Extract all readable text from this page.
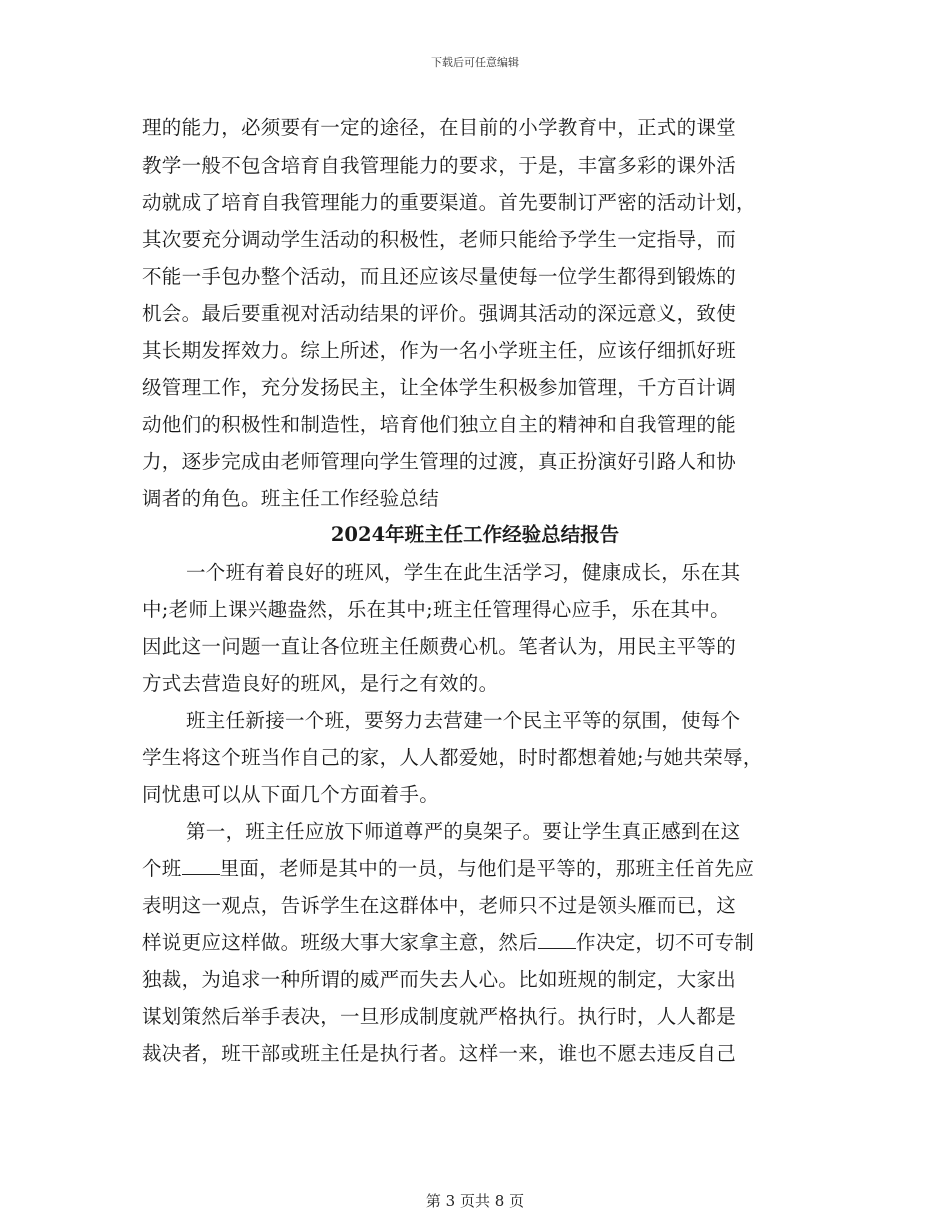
下载后可任意编辑
理的能力，必须要有一定的途径，在目前的小学教育中，正式的课堂
教学一般不包含培育自我管理能力的要求，于是，丰富多彩的课外活
动就成了培育自我管理能力的重要渠道。首先要制订严密的活动计划，
其次要充分调动学生活动的积极性，老师只能给予学生一定指导，而
不能一手包办整个活动，而且还应该尽量使每一位学生都得到锻炼的
机会。最后要重视对活动结果的评价。强调其活动的深远意义，致使
其长期发挥效力。综上所述，作为一名小学班主任，应该仔细抓好班
级管理工作，充分发扬民主，让全体学生积极参加管理，千方百计调
动他们的积极性和制造性，培育他们独立自主的精神和自我管理的能
力，逐步完成由老师管理向学生管理的过渡，真正扮演好引路人和协
调者的角色。班主任工作经验总结
2024年班主任工作经验总结报告
一个班有着良好的班风，学生在此生活学习，健康成长，乐在其
中;老师上课兴趣盎然，乐在其中;班主任管理得心应手，乐在其中。
因此这一问题一直让各位班主任颇费心机。笔者认为，用民主平等的
方式去营造良好的班风，是行之有效的。
班主任新接一个班，要努力去营建一个民主平等的氛围，使每个
学生将这个班当作自己的家，人人都爱她，时时都想着她;与她共荣辱，
同忧患可以从下面几个方面着手。
第一，班主任应放下师道尊严的臭架子。要让学生真正感到在这
个班 里面，老师是其中的一员，与他们是平等的，那班主任首先应
表明这一观点，告诉学生在这群体中，老师只不过是领头雁而已，这
样说更应这样做。班级大事大家拿主意，然后 作决定，切不可专制
独裁，为追求一种所谓的威严而失去人心。比如班规的制定，大家出
谋划策然后举手表决，一旦形成制度就严格执行。执行时，人人都是
裁决者，班干部或班主任是执行者。这样一来，谁也不愿去违反自己
第 3 页共 8 页
